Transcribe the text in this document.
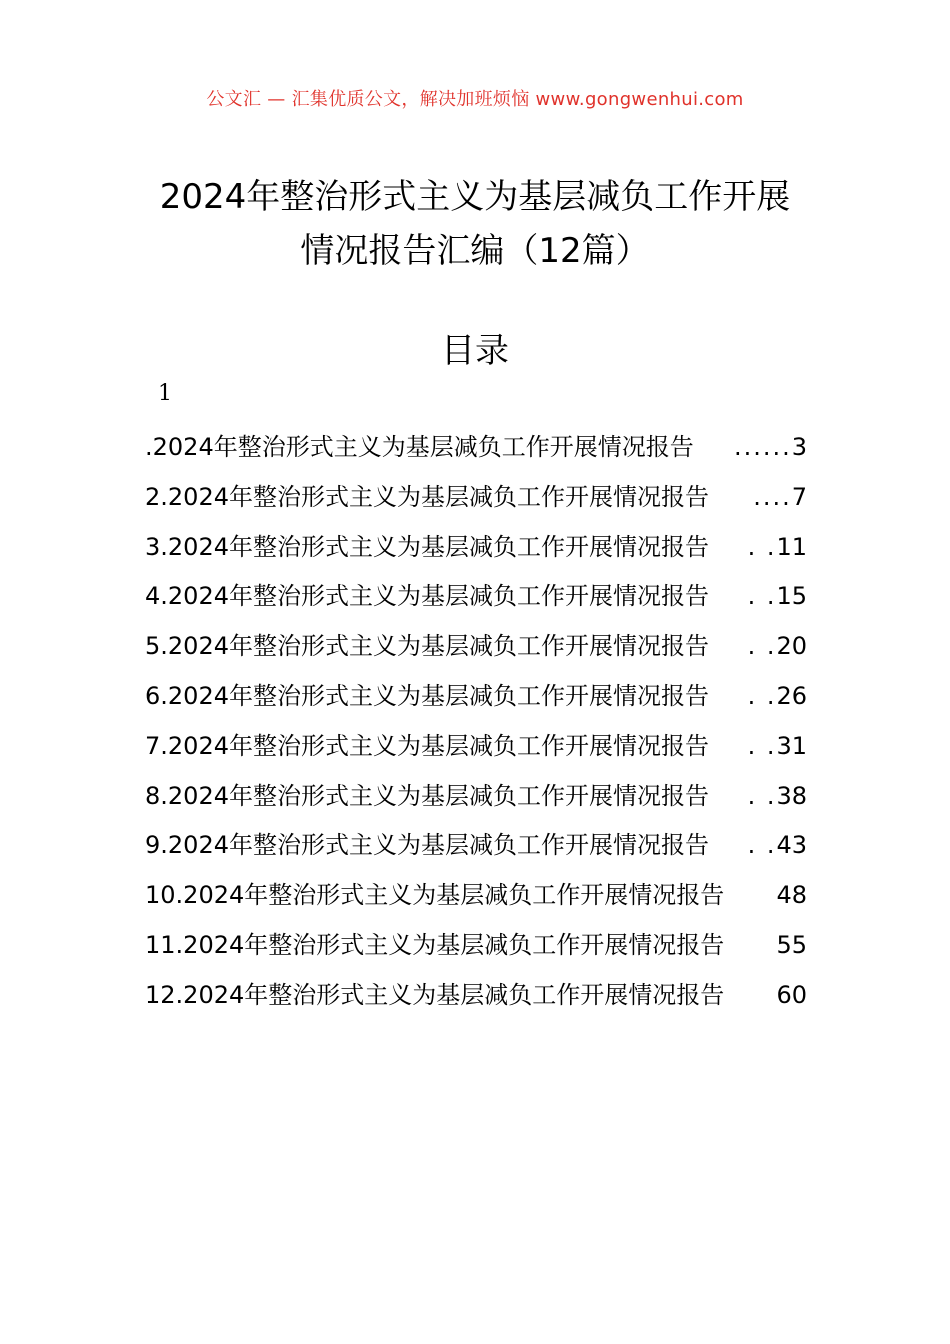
公文汇 — 汇集优质公文，解决加班烦恼 www.gongwenhui.com
2024年整治形式主义为基层减负工作开展
情况报告汇编（12篇）
目录
1
.2024年整治形式主义为基层减负工作开展情况报告	...... 3
2.2024年整治形式主义为基层减负工作开展情况报告	.... 7
3.2024年整治形式主义为基层减负工作开展情况报告	. . 11
4.2024年整治形式主义为基层减负工作开展情况报告	. . 15
5.2024年整治形式主义为基层减负工作开展情况报告	. . 20
6.2024年整治形式主义为基层减负工作开展情况报告	. . 26
7.2024年整治形式主义为基层减负工作开展情况报告	. . 31
8.2024年整治形式主义为基层减负工作开展情况报告	. . 38
9.2024年整治形式主义为基层减负工作开展情况报告	. . 43
10.2024年整治形式主义为基层减负工作开展情况报告 48
11.2024年整治形式主义为基层减负工作开展情况报告 55
12.2024年整治形式主义为基层减负工作开展情况报告 60
